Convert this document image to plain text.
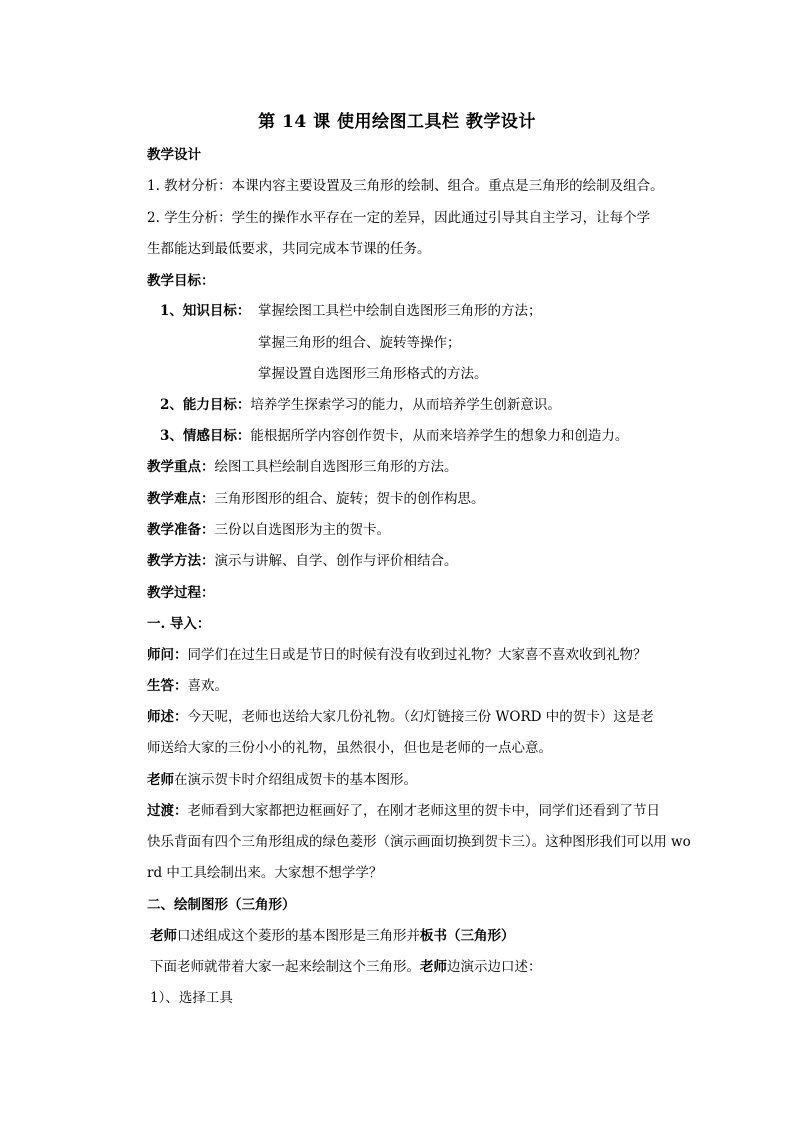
第 14 课 使用绘图工具栏 教学设计
教学设计
1. 教材分析：本课内容主要设置及三角形的绘制、组合。重点是三角形的绘制及组合。
2. 学生分析：学生的操作水平存在一定的差异，因此通过引导其自主学习，让每个学
生都能达到最低要求，共同完成本节课的任务。
教学目标：
1、知识目标： 掌握绘图工具栏中绘制自选图形三角形的方法；
掌握三角形的组合、旋转等操作；
掌握设置自选图形三角形格式的方法。
2、能力目标：培养学生探索学习的能力，从而培养学生创新意识。
3、情感目标：能根据所学内容创作贺卡，从而来培养学生的想象力和创造力。
教学重点：绘图工具栏绘制自选图形三角形的方法。
教学难点：三角形图形的组合、旋转；贺卡的创作构思。
教学准备：三份以自选图形为主的贺卡。
教学方法：演示与讲解、自学、创作与评价相结合。
教学过程：
一. 导入：
师问：同学们在过生日或是节日的时候有没有收到过礼物？大家喜不喜欢收到礼物？
生答：喜欢。
师述：今天呢，老师也送给大家几份礼物。（幻灯链接三份 WORD 中的贺卡）这是老
师送给大家的三份小小的礼物，虽然很小，但也是老师的一点心意。
老师在演示贺卡时介绍组成贺卡的基本图形。
过渡：老师看到大家都把边框画好了，在刚才老师这里的贺卡中，同学们还看到了节日
快乐背面有四个三角形组成的绿色菱形（演示画面切换到贺卡三）。这种图形我们可以用 wo
rd 中工具绘制出来。大家想不想学学？
二、绘制图形（三角形）
老师口述组成这个菱形的基本图形是三角形并板书（三角形）
下面老师就带着大家一起来绘制这个三角形。老师边演示边口述：
1）、选择工具
